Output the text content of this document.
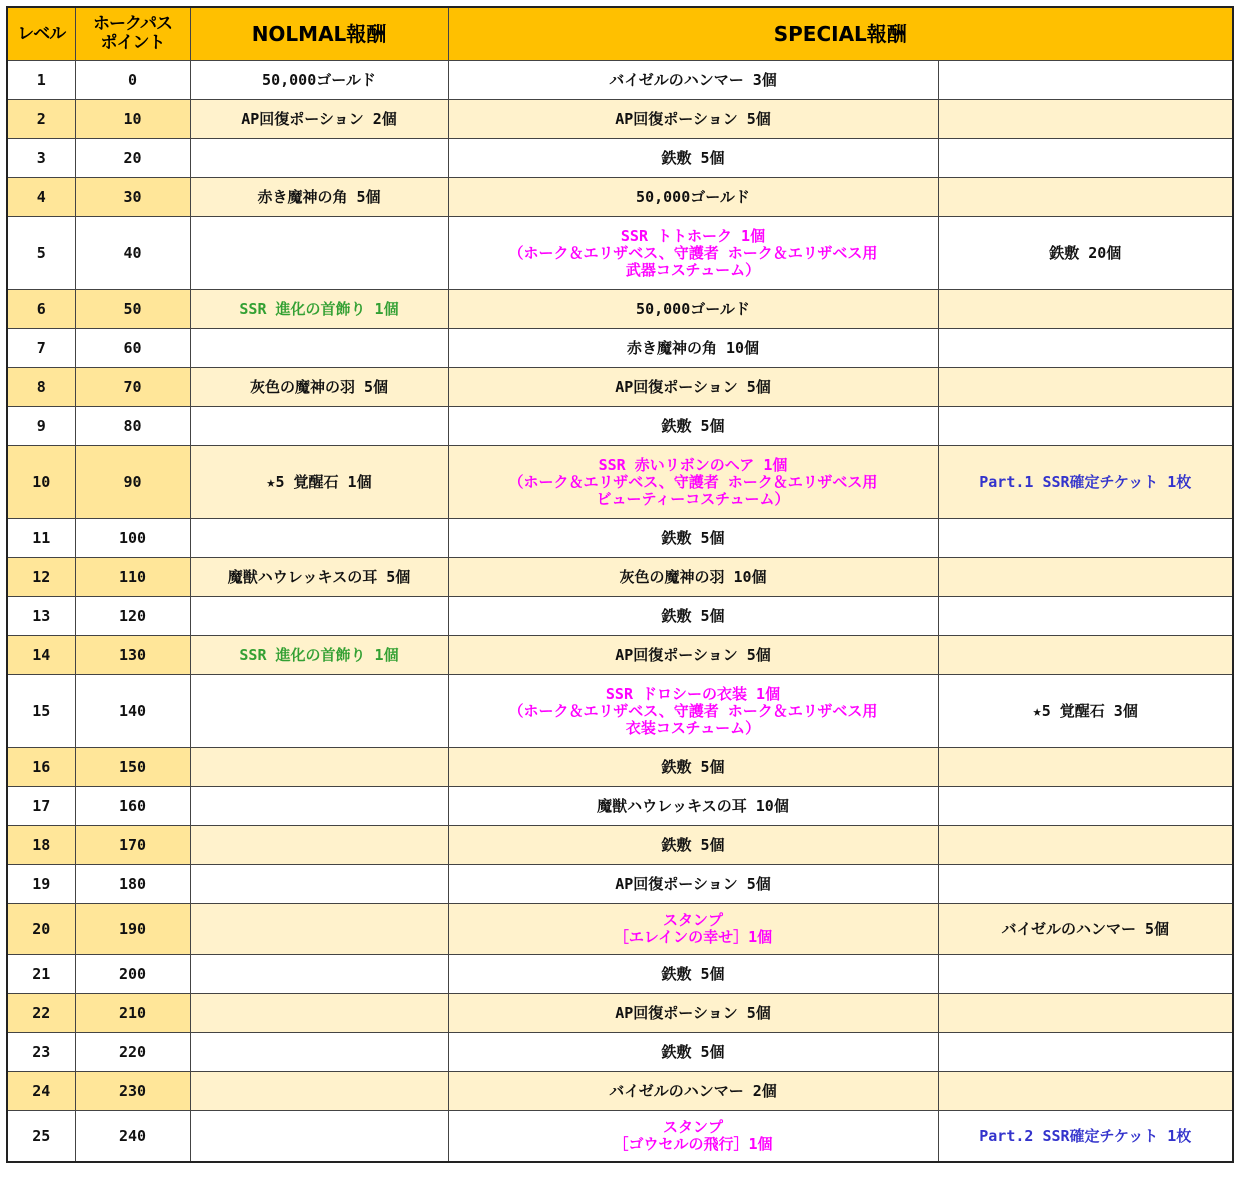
レベル	ホークパス
ポイント	NOLMAL報酬	SPECIAL報酬	
1	0	50,000ゴールド	バイゼルのハンマー 3個	

2	10	AP回復ポーション 2個	AP回復ポーション 5個	

3	20		鉄敷 5個	

4	30	赤き魔神の角 5個	50,000ゴールド	

5	40		SSR トトホーク 1個
（ホーク＆エリザベス、守護者 ホーク＆エリザベス用
武器コスチューム）	鉄敷 20個

6	50	SSR 進化の首飾り 1個	50,000ゴールド	

7	60		赤き魔神の角 10個	

8	70	灰色の魔神の羽 5個	AP回復ポーション 5個	

9	80		鉄敷 5個	

10	90	★5 覚醒石 1個	SSR 赤いリボンのヘア 1個
（ホーク＆エリザベス、守護者 ホーク＆エリザベス用
ビューティーコスチューム）	Part.1 SSR確定チケット 1枚

11	100		鉄敷 5個	

12	110	魔獣ハウレッキスの耳 5個	灰色の魔神の羽 10個	

13	120		鉄敷 5個	

14	130	SSR 進化の首飾り 1個	AP回復ポーション 5個	

15	140		SSR ドロシーの衣装 1個
（ホーク＆エリザベス、守護者 ホーク＆エリザベス用
衣装コスチューム）	★5 覚醒石 3個

16	150		鉄敷 5個	

17	160		魔獣ハウレッキスの耳 10個	

18	170		鉄敷 5個	

19	180		AP回復ポーション 5個	

20	190		スタンプ
［エレインの幸せ］1個	バイゼルのハンマー 5個

21	200		鉄敷 5個	

22	210		AP回復ポーション 5個	

23	220		鉄敷 5個	

24	230		バイゼルのハンマー 2個	

25	240		スタンプ
［ゴウセルの飛行］1個	Part.2 SSR確定チケット 1枚
